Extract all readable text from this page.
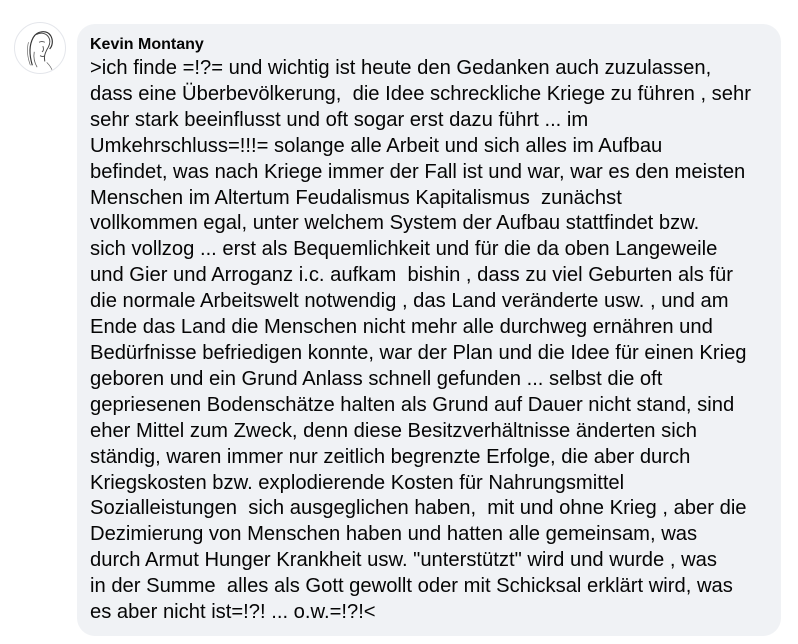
Kevin Montany

>ich finde =!?= und wichtig ist heute den Gedanken auch zuzulassen,
dass eine Überbevölkerung,  die Idee schreckliche Kriege zu führen , sehr
sehr stark beeinflusst und oft sogar erst dazu führt ... im
Umkehrschluss=!!!= solange alle Arbeit und sich alles im Aufbau
befindet, was nach Kriege immer der Fall ist und war, war es den meisten
Menschen im Altertum Feudalismus Kapitalismus  zunächst
vollkommen egal, unter welchem System der Aufbau stattfindet bzw.
sich vollzog ... erst als Bequemlichkeit und für die da oben Langeweile
und Gier und Arroganz i.c. aufkam  bishin , dass zu viel Geburten als für
die normale Arbeitswelt notwendig , das Land veränderte usw. , und am
Ende das Land die Menschen nicht mehr alle durchweg ernähren und
Bedürfnisse befriedigen konnte, war der Plan und die Idee für einen Krieg
geboren und ein Grund Anlass schnell gefunden ... selbst die oft
gepriesenen Bodenschätze halten als Grund auf Dauer nicht stand, sind
eher Mittel zum Zweck, denn diese Besitzverhältnisse änderten sich
ständig, waren immer nur zeitlich begrenzte Erfolge, die aber durch
Kriegskosten bzw. explodierende Kosten für Nahrungsmittel
Sozialleistungen  sich ausgeglichen haben,  mit und ohne Krieg , aber die
Dezimierung von Menschen haben und hatten alle gemeinsam, was
durch Armut Hunger Krankheit usw. "unterstützt" wird und wurde , was
in der Summe  alles als Gott gewollt oder mit Schicksal erklärt wird, was
es aber nicht ist=!?! ... o.w.=!?!<
